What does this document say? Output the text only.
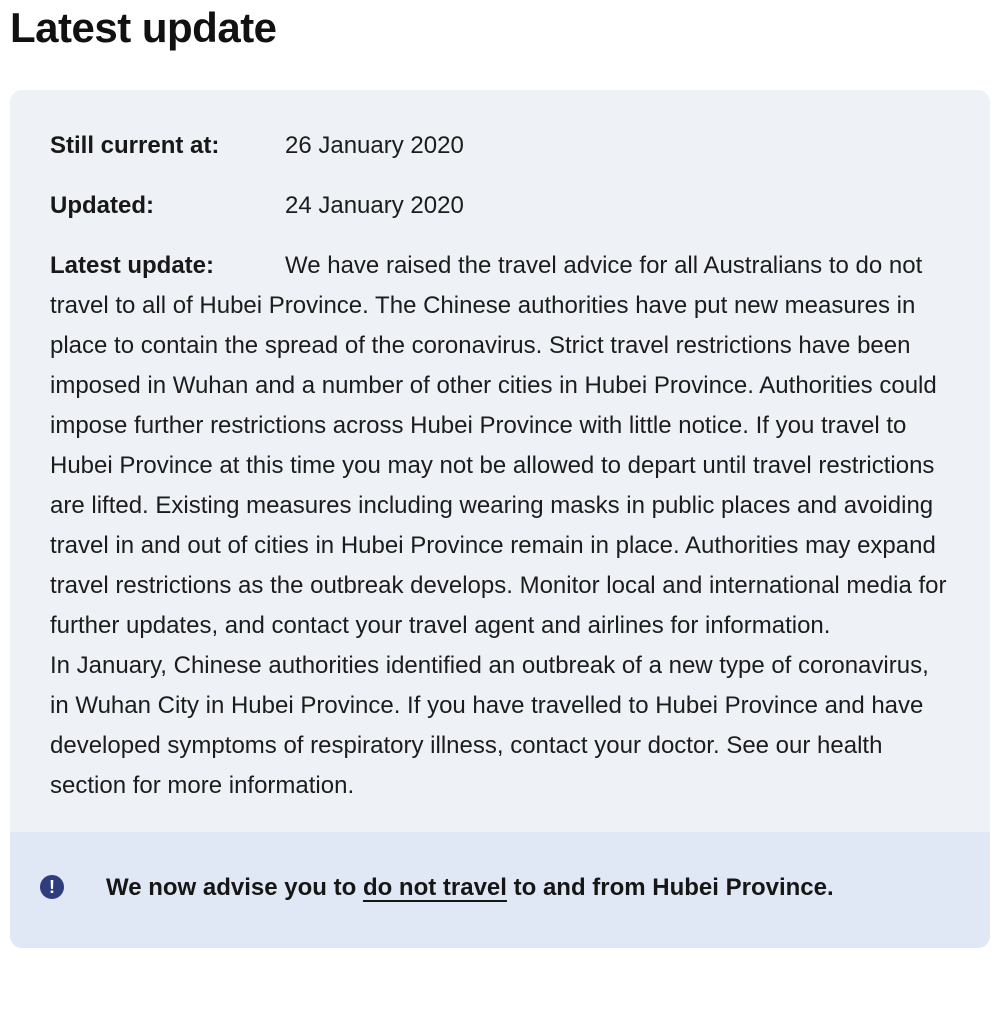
Latest update

Still current at:	26 January 2020

Updated:	24 January 2020

Latest update:	We have raised the travel advice for all Australians to do not travel to all of Hubei Province. The Chinese authorities have put new measures in place to contain the spread of the coronavirus. Strict travel restrictions have been imposed in Wuhan and a number of other cities in Hubei Province. Authorities could impose further restrictions across Hubei Province with little notice. If you travel to Hubei Province at this time you may not be allowed to depart until travel restrictions are lifted. Existing measures including wearing masks in public places and avoiding travel in and out of cities in Hubei Province remain in place. Authorities may expand travel restrictions as the outbreak develops. Monitor local and international media for further updates, and contact your travel agent and airlines for information.
In January, Chinese authorities identified an outbreak of a new type of coronavirus, in Wuhan City in Hubei Province. If you have travelled to Hubei Province and have developed symptoms of respiratory illness, contact your doctor. See our health section for more information.

!	We now advise you to do not travel to and from Hubei Province.
